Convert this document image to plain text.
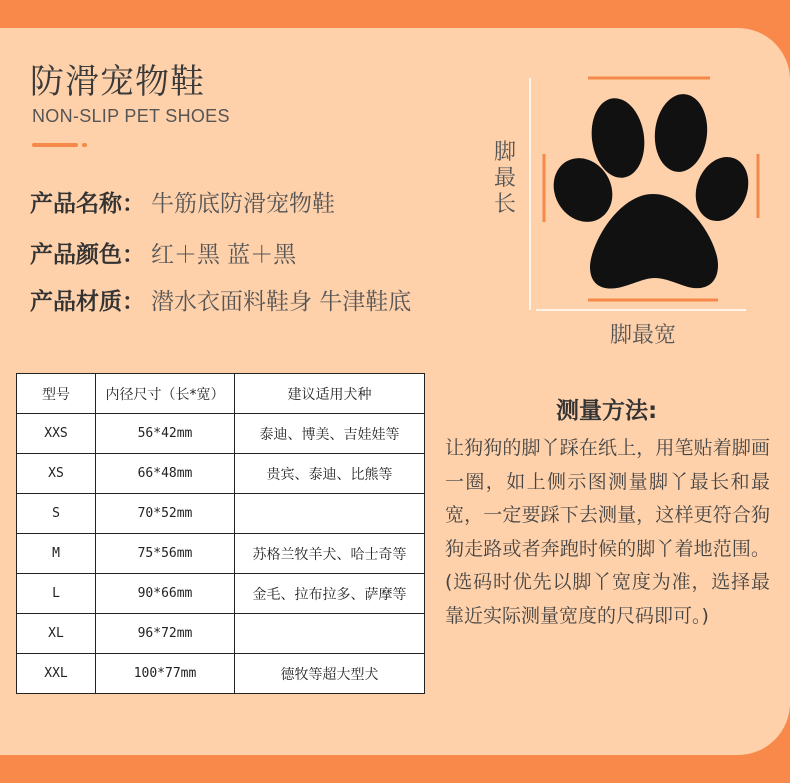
防滑宠物鞋
NON-SLIP PET SHOES
产品名称： 牛筋底防滑宠物鞋
产品颜色： 红＋黑 蓝＋黑
产品材质： 潜水衣面料鞋身 牛津鞋底
脚最长
脚最宽
型号	内径尺寸（长*宽）	建议适用犬种
XXS	56*42mm	泰迪、博美、吉娃娃等
XS	66*48mm	贵宾、泰迪、比熊等
S	70*52mm	
M	75*56mm	苏格兰牧羊犬、哈士奇等
L	90*66mm	金毛、拉布拉多、萨摩等
XL	96*72mm	
XXL	100*77mm	德牧等超大型犬
测量方法:
让狗狗的脚丫踩在纸上，用笔贴着脚画一圈，如上侧示图测量脚丫最长和最宽，一定要踩下去测量，这样更符合狗狗走路或者奔跑时候的脚丫着地范围。(选码时优先以脚丫宽度为准，选择最靠近实际测量宽度的尺码即可。)
